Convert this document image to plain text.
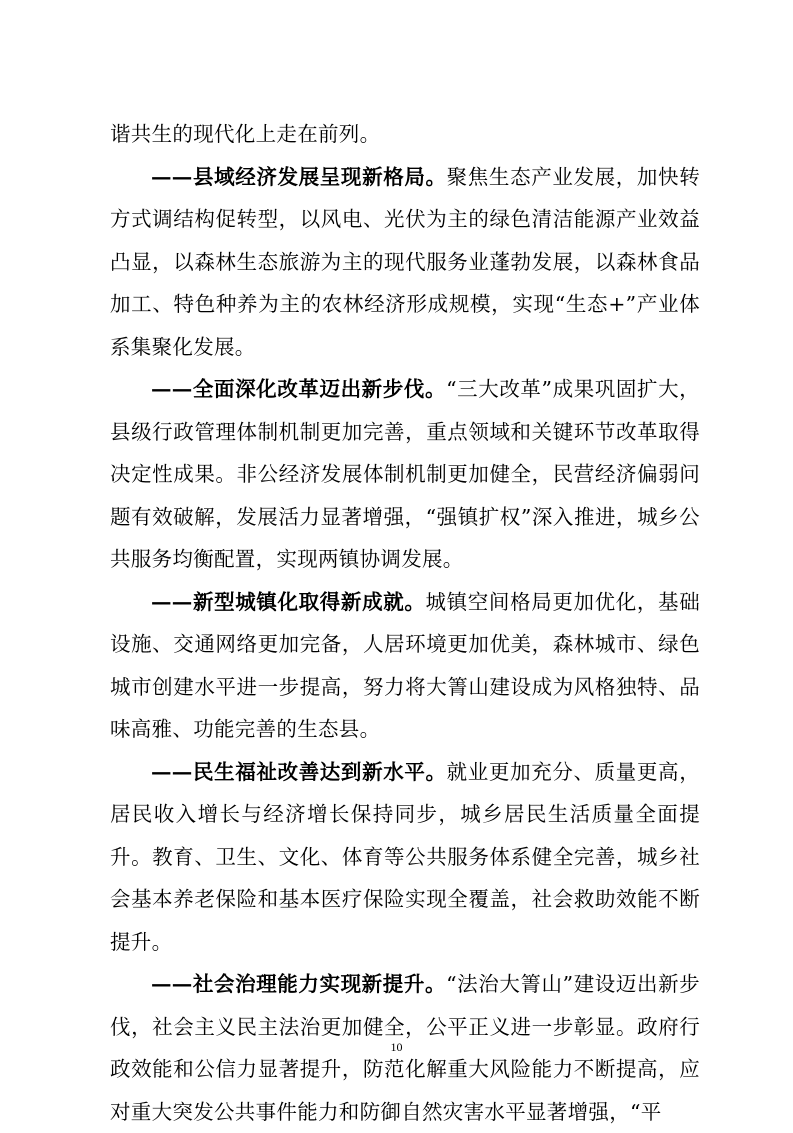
谐共生的现代化上走在前列。

——县域经济发展呈现新格局。聚焦生态产业发展，加快转方式调结构促转型，以风电、光伏为主的绿色清洁能源产业效益凸显，以森林生态旅游为主的现代服务业蓬勃发展，以森林食品加工、特色种养为主的农林经济形成规模，实现“生态+”产业体系集聚化发展。

——全面深化改革迈出新步伐。“三大改革”成果巩固扩大，县级行政管理体制机制更加完善，重点领域和关键环节改革取得决定性成果。非公经济发展体制机制更加健全，民营经济偏弱问题有效破解，发展活力显著增强，“强镇扩权”深入推进，城乡公共服务均衡配置，实现两镇协调发展。

——新型城镇化取得新成就。城镇空间格局更加优化，基础设施、交通网络更加完备，人居环境更加优美，森林城市、绿色城市创建水平进一步提高，努力将大箐山建设成为风格独特、品味高雅、功能完善的生态县。

——民生福祉改善达到新水平。就业更加充分、质量更高，居民收入增长与经济增长保持同步，城乡居民生活质量全面提升。教育、卫生、文化、体育等公共服务体系健全完善，城乡社会基本养老保险和基本医疗保险实现全覆盖，社会救助效能不断提升。

——社会治理能力实现新提升。“法治大箐山”建设迈出新步伐，社会主义民主法治更加健全，公平正义进一步彰显。政府行政效能和公信力显著提升，防范化解重大风险能力不断提高，应对重大突发公共事件能力和防御自然灾害水平显著增强，“平

10
